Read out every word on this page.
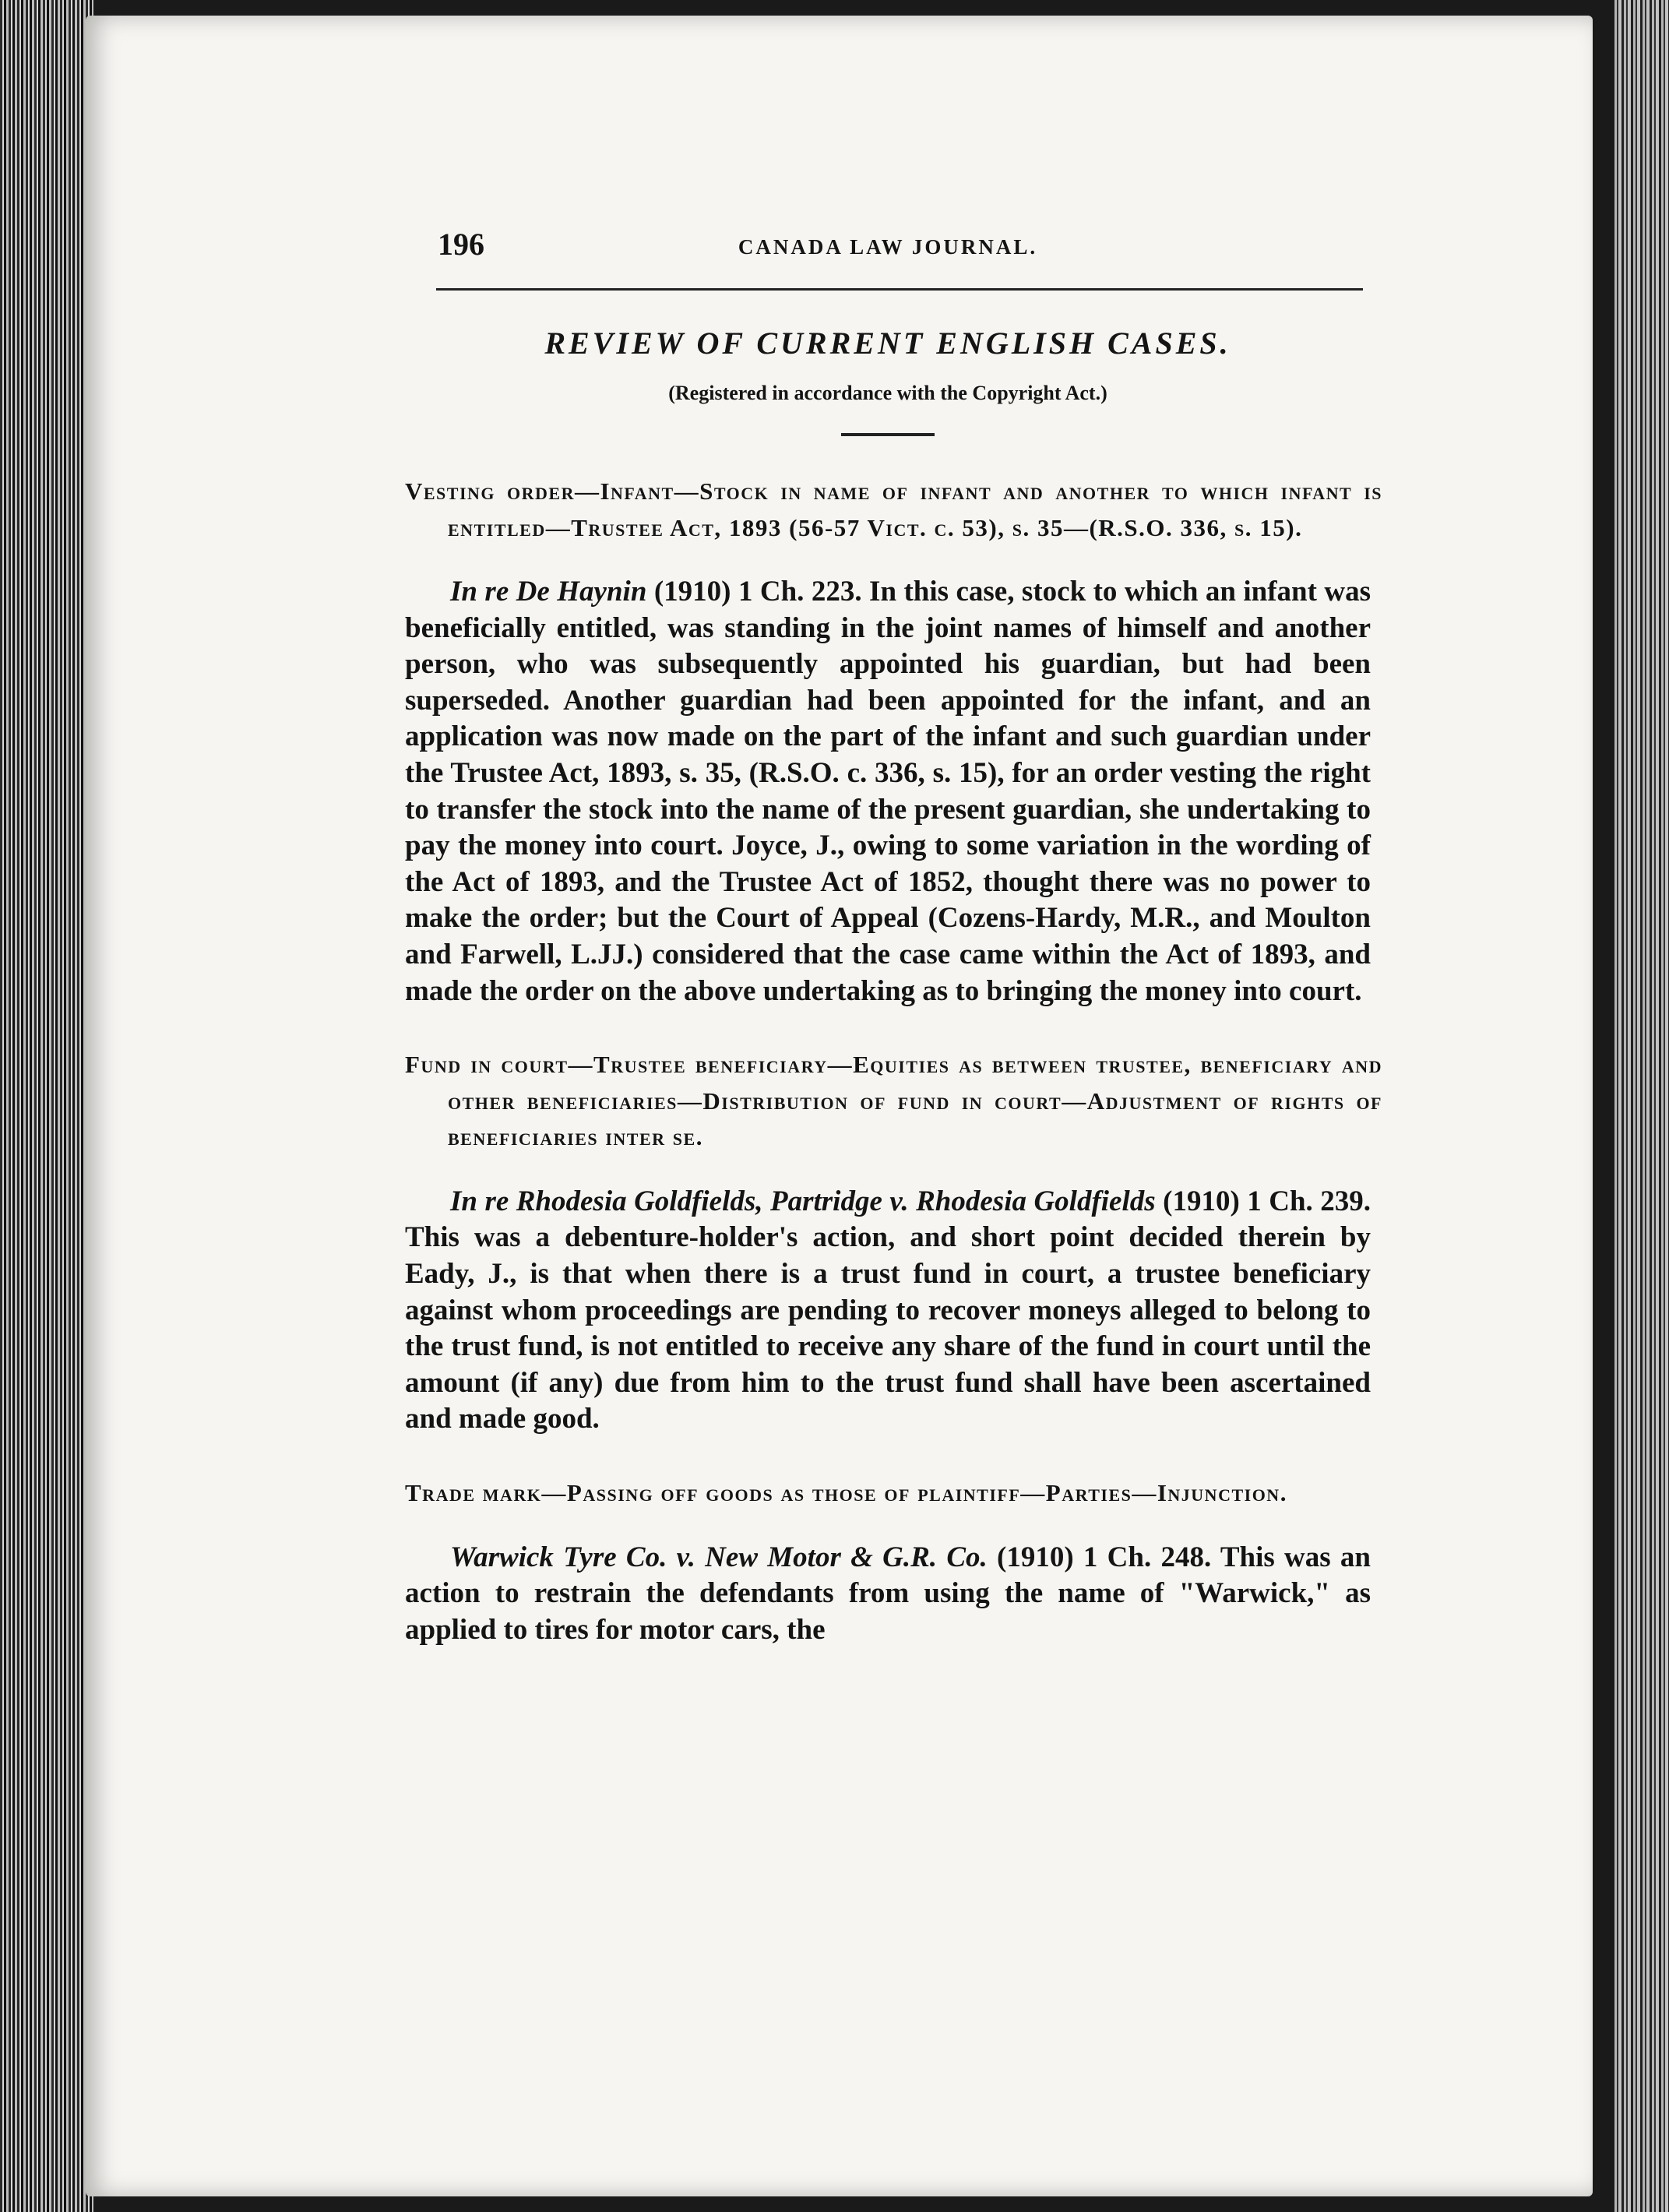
196	CANADA LAW JOURNAL.
REVIEW OF CURRENT ENGLISH CASES.
(Registered in accordance with the Copyright Act.)
Vesting order—Infant—Stock in name of infant and another to which infant is entitled—Trustee Act, 1893 (56-57 Vict. c. 53), s. 35—(R.S.O. 336, s. 15).

In re De Haynin (1910) 1 Ch. 223. In this case, stock to which an infant was beneficially entitled, was standing in the joint names of himself and another person, who was subsequently appointed his guardian, but had been superseded. Another guardian had been appointed for the infant, and an application was now made on the part of the infant and such guardian under the Trustee Act, 1893, s. 35, (R.S.O. c. 336, s. 15), for an order vesting the right to transfer the stock into the name of the present guardian, she undertaking to pay the money into court. Joyce, J., owing to some variation in the wording of the Act of 1893, and the Trustee Act of 1852, thought there was no power to make the order; but the Court of Appeal (Cozens-Hardy, M.R., and Moulton and Farwell, L.JJ.) considered that the case came within the Act of 1893, and made the order on the above undertaking as to bringing the money into court.

Fund in court—Trustee beneficiary—Equities as between trustee, beneficiary and other beneficiaries—Distribution of fund in court—Adjustment of rights of beneficiaries inter se.

In re Rhodesia Goldfields, Partridge v. Rhodesia Goldfields (1910) 1 Ch. 239. This was a debenture-holder's action, and short point decided therein by Eady, J., is that when there is a trust fund in court, a trustee beneficiary against whom proceedings are pending to recover moneys alleged to belong to the trust fund, is not entitled to receive any share of the fund in court until the amount (if any) due from him to the trust fund shall have been ascertained and made good.

Trade mark—Passing off goods as those of plaintiff—Parties—Injunction.

Warwick Tyre Co. v. New Motor & G.R. Co. (1910) 1 Ch. 248. This was an action to restrain the defendants from using the name of "Warwick," as applied to tires for motor cars, the
